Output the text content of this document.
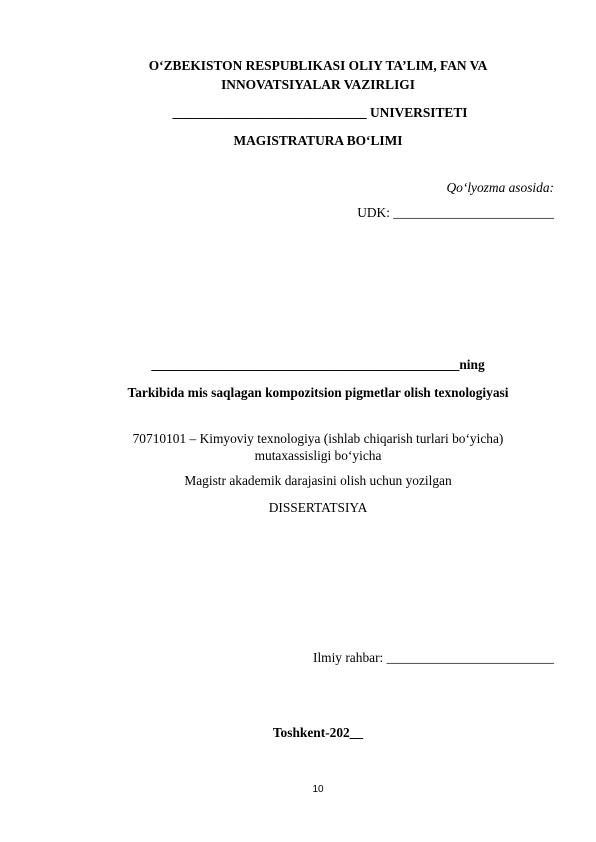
O‘ZBEKISTON RESPUBLIKASI OLIY TA’LIM, FAN VA
INNOVATSIYALAR VAZIRLIGI
_____________________________ UNIVERSITETI
MAGISTRATURA BO‘LIMI
Qo‘lyozma asosida:
UDK: ________________________
______________________________________________ning
Tarkibida mis saqlagan kompozitsion pigmetlar olish texnologiyasi
70710101 – Kimyoviy texnologiya (ishlab chiqarish turlari bo‘yicha)
mutaxassisligi bo‘yicha
Magistr akademik darajasini olish uchun yozilgan
DISSERTATSIYA
Ilmiy rahbar: _________________________
Toshkent-202__
10
